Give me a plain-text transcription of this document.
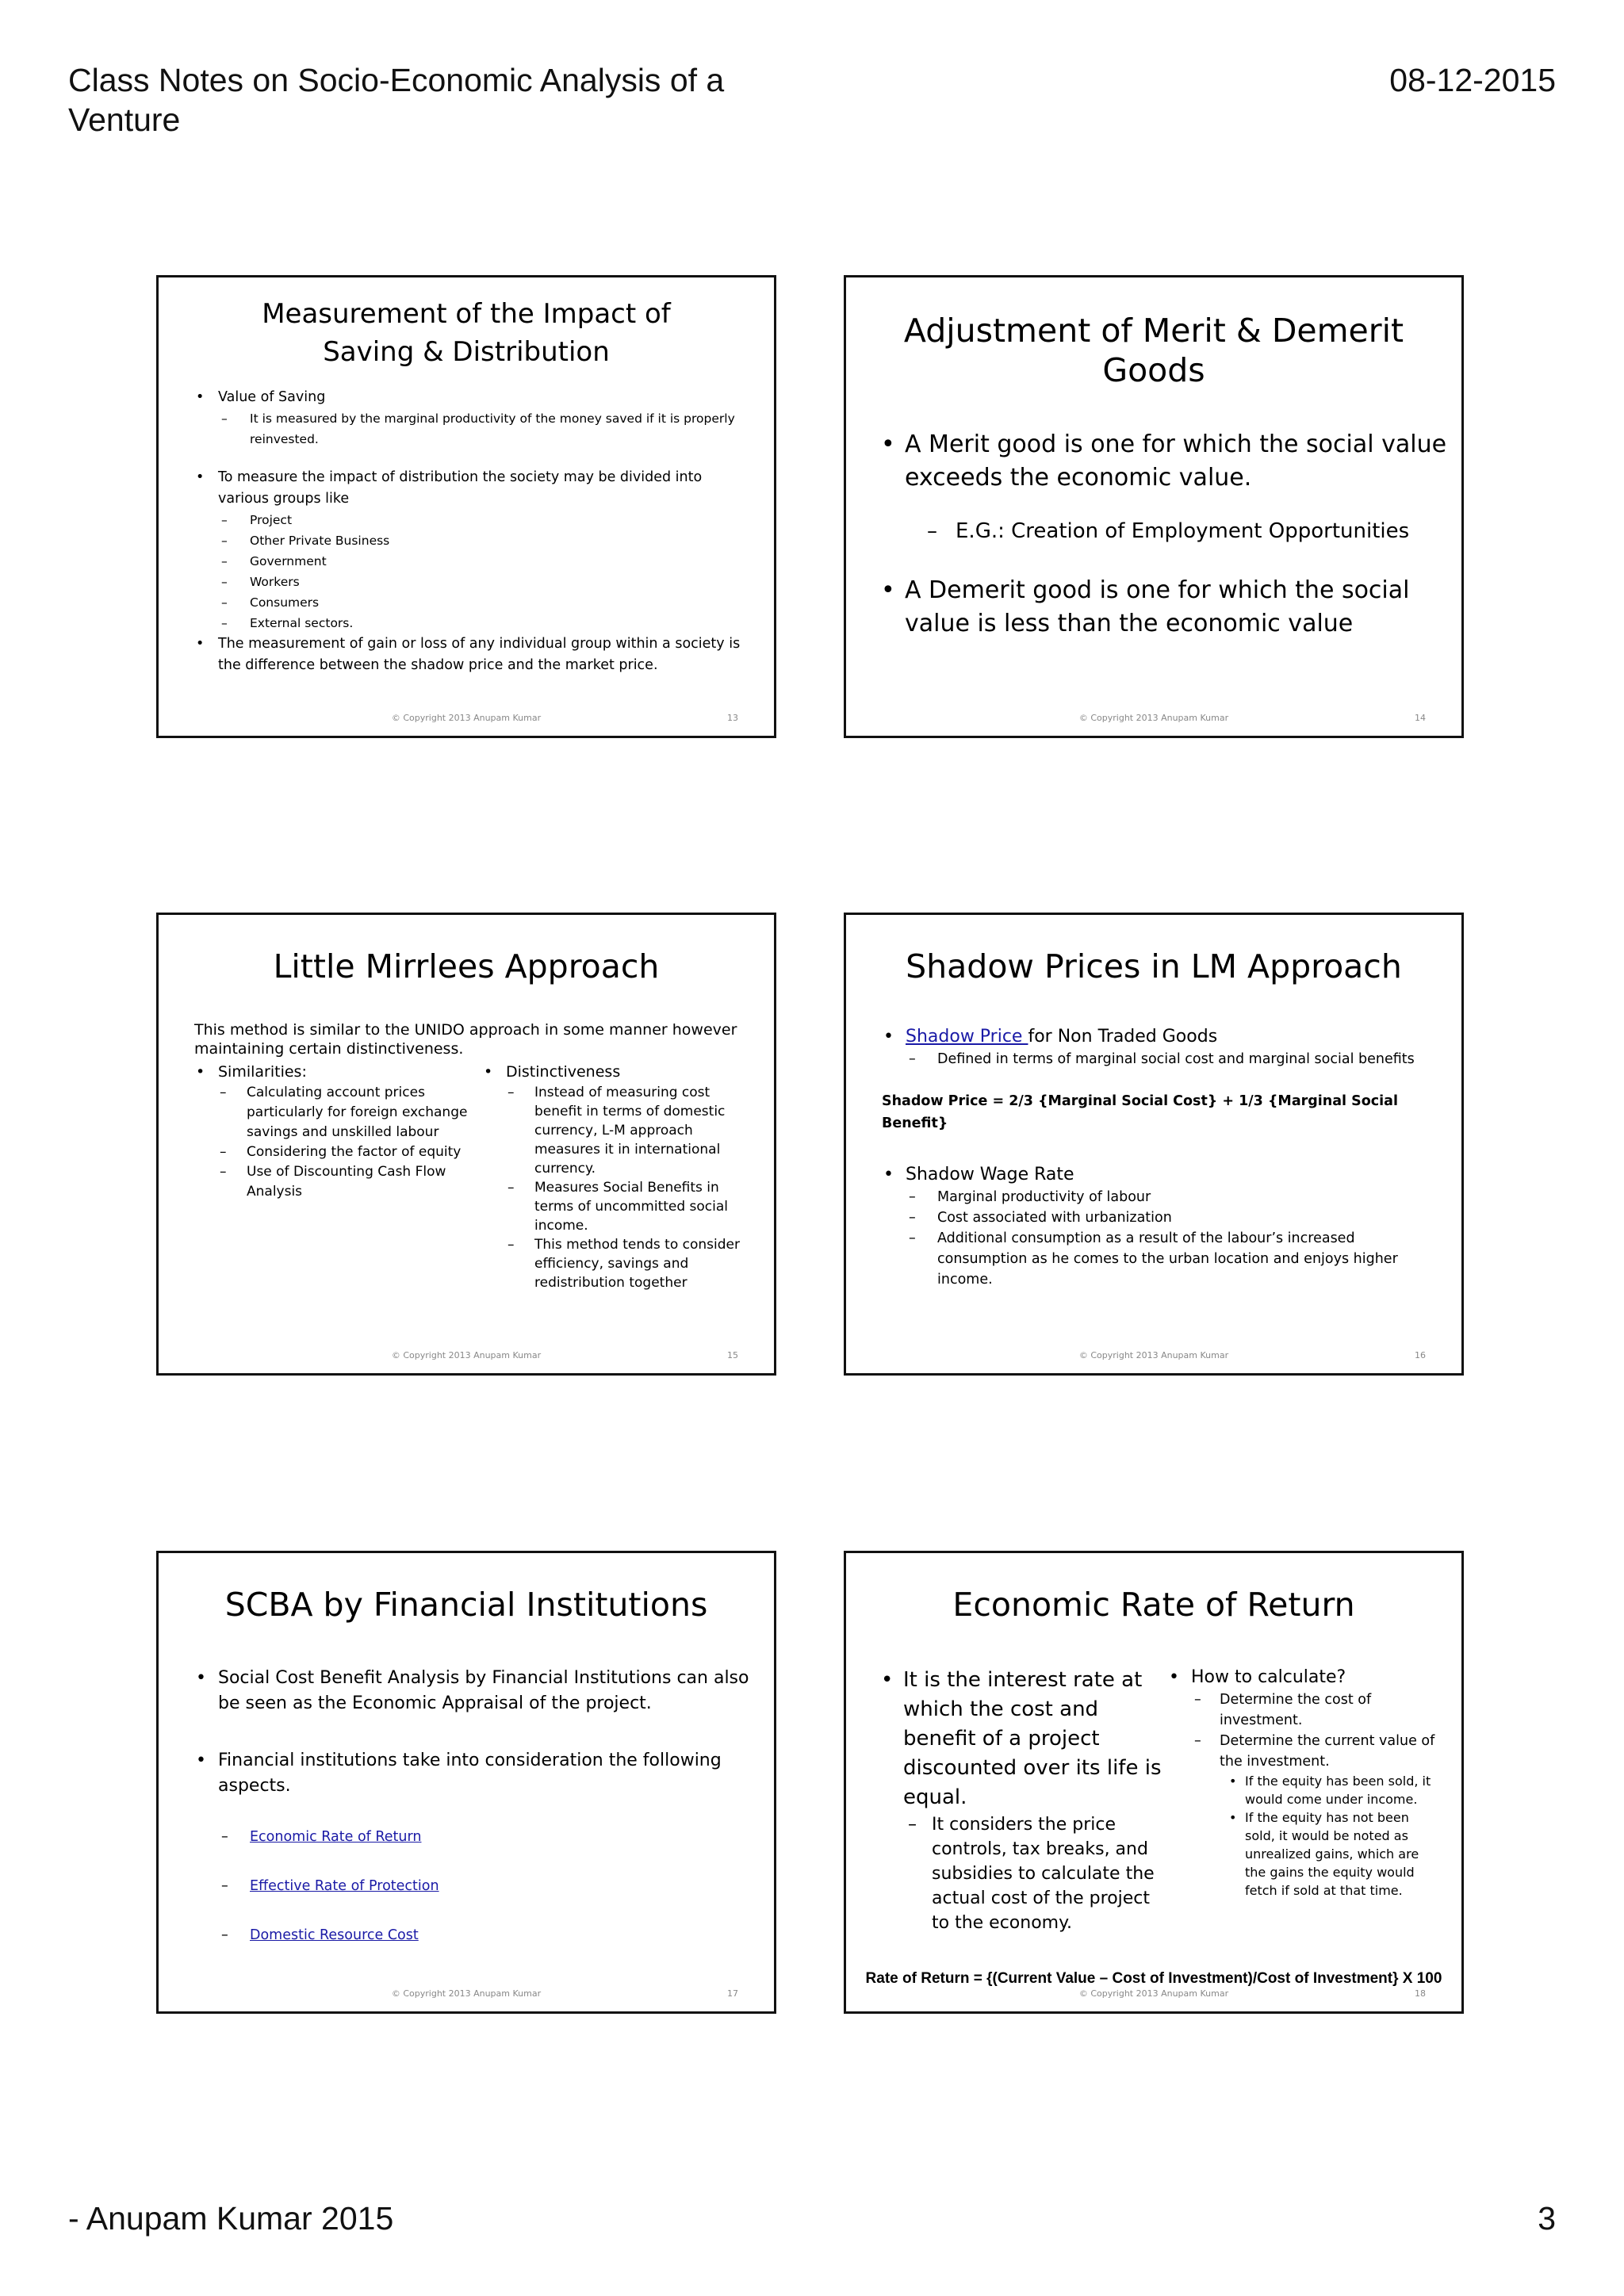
Class Notes on Socio-Economic Analysis of a Venture
08-12-2015
- Anupam Kumar 2015	3
Measurement of the Impact of
Saving & Distribution
• Value of Saving
– It is measured by the marginal productivity of the money saved if it is properly reinvested.
• To measure the impact of distribution the society may be divided into various groups like
– Project
– Other Private Business
– Government
– Workers
– Consumers
– External sectors.
• The measurement of gain or loss of any individual group within a society is the difference between the shadow price and the market price.
© Copyright 2013 Anupam Kumar	13
Adjustment of Merit & Demerit Goods
• A Merit good is one for which the social value exceeds the economic value.
– E.G.: Creation of Employment Opportunities
• A Demerit good is one for which the social value is less than the economic value
© Copyright 2013 Anupam Kumar	14
Little Mirrlees Approach
This method is similar to the UNIDO approach in some manner however maintaining certain distinctiveness.
• Similarities:
– Calculating account prices particularly for foreign exchange savings and unskilled labour
– Considering the factor of equity
– Use of Discounting Cash Flow Analysis
• Distinctiveness
– Instead of measuring cost benefit in terms of domestic currency, L-M approach measures it in international currency.
– Measures Social Benefits in terms of uncommitted social income.
– This method tends to consider efficiency, savings and redistribution together
© Copyright 2013 Anupam Kumar	15
Shadow Prices in LM Approach
• Shadow Price for Non Traded Goods
– Defined in terms of marginal social cost and marginal social benefits
Shadow Price = 2/3 {Marginal Social Cost} + 1/3 {Marginal Social Benefit}
• Shadow Wage Rate
– Marginal productivity of labour
– Cost associated with urbanization
– Additional consumption as a result of the labour’s increased consumption as he comes to the urban location and enjoys higher income.
© Copyright 2013 Anupam Kumar	16
SCBA by Financial Institutions
• Social Cost Benefit Analysis by Financial Institutions can also be seen as the Economic Appraisal of the project.
• Financial institutions take into consideration the following aspects.
– Economic Rate of Return
– Effective Rate of Protection
– Domestic Resource Cost
© Copyright 2013 Anupam Kumar	17
Economic Rate of Return
• It is the interest rate at which the cost and benefit of a project discounted over its life is equal.
– It considers the price controls, tax breaks, and subsidies to calculate the actual cost of the project to the economy.
• How to calculate?
– Determine the cost of investment.
– Determine the current value of the investment.
• If the equity has been sold, it would come under income.
• If the equity has not been sold, it would be noted as unrealized gains, which are the gains the equity would fetch if sold at that time.
Rate of Return = {(Current Value – Cost of Investment)/Cost of Investment} X 100
© Copyright 2013 Anupam Kumar	18
